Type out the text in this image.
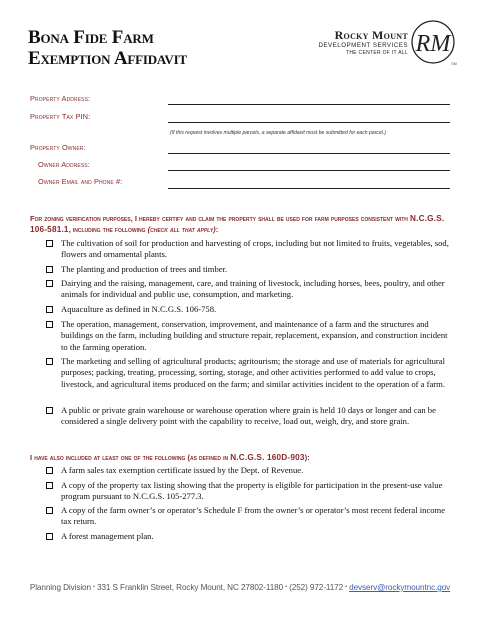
Bona Fide Farm
Exemption Affidavit
Rocky Mount
DEVELOPMENT SERVICES
THE CENTER OF IT ALL RM
SM
Property Address:
Property Tax PIN:
(If this request involves multiple parcels, a separate affidavit must be submitted for each parcel.)
Property Owner:
Owner Address:
Owner Email and Phone #:
For zoning verification purposes, I hereby certify and claim the property shall be used for farm purposes consistent with N.C.G.S. 106-581.1, including the following (check all that apply):
The cultivation of soil for production and harvesting of crops, including but not limited to fruits, vegetables, sod, flowers and ornamental plants.
The planting and production of trees and timber.
Dairying and the raising, management, care, and training of livestock, including horses, bees, poultry, and other animals for individual and public use, consumption, and marketing.
Aquaculture as defined in N.C.G.S. 106-758.
The operation, management, conservation, improvement, and maintenance of a farm and the structures and buildings on the farm, including building and structure repair, replacement, expansion, and construction incident to the farming operation.
The marketing and selling of agricultural products; agritourism; the storage and use of materials for agricultural purposes; packing, treating, processing, sorting, storage, and other activities performed to add value to crops, livestock, and agricultural items produced on the farm; and similar activities incident to the operation of a farm.
A public or private grain warehouse or warehouse operation where grain is held 10 days or longer and can be considered a single delivery point with the capability to receive, load out, weigh, dry, and store grain.
I have also included at least one of the following (as defined in N.C.G.S. 160D-903):
A farm sales tax exemption certificate issued by the Dept. of Revenue.
A copy of the property tax listing showing that the property is eligible for participation in the present-use value program pursuant to N.C.G.S. 105-277.3.
A copy of the farm owner’s or operator’s Schedule F from the owner’s or operator’s most recent federal income tax return.
A forest management plan.
Planning Division • 331 S Franklin Street, Rocky Mount, NC 27802-1180 • (252) 972-1172 • devserv@rockymountnc.gov
